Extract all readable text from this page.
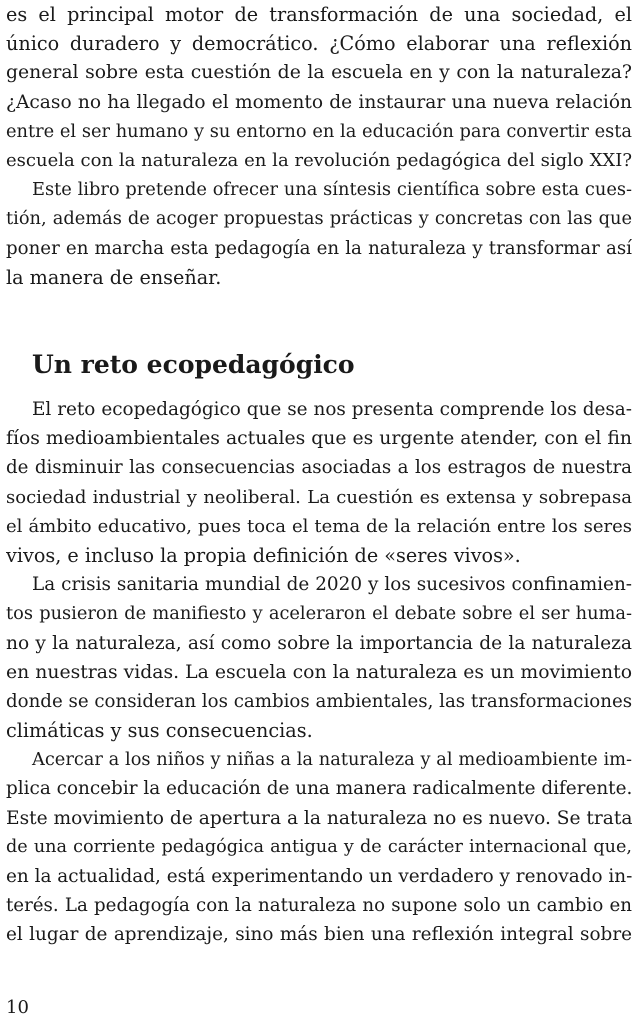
es el principal motor de transformación de una sociedad, el
único duradero y democrático. ¿Cómo elaborar una reflexión
general sobre esta cuestión de la escuela en y con la naturaleza?
¿Acaso no ha llegado el momento de instaurar una nueva relación
entre el ser humano y su entorno en la educación para convertir esta
escuela con la naturaleza en la revolución pedagógica del siglo XXI?
Este libro pretende ofrecer una síntesis científica sobre esta cues-
tión, además de acoger propuestas prácticas y concretas con las que
poner en marcha esta pedagogía en la naturaleza y transformar así
la manera de enseñar.
Un reto ecopedagógico
El reto ecopedagógico que se nos presenta comprende los desa-
fíos medioambientales actuales que es urgente atender, con el fin
de disminuir las consecuencias asociadas a los estragos de nuestra
sociedad industrial y neoliberal. La cuestión es extensa y sobrepasa
el ámbito educativo, pues toca el tema de la relación entre los seres
vivos, e incluso la propia definición de «seres vivos».
La crisis sanitaria mundial de 2020 y los sucesivos confinamien-
tos pusieron de manifiesto y aceleraron el debate sobre el ser huma-
no y la naturaleza, así como sobre la importancia de la naturaleza
en nuestras vidas. La escuela con la naturaleza es un movimiento
donde se consideran los cambios ambientales, las transformaciones
climáticas y sus consecuencias.
Acercar a los niños y niñas a la naturaleza y al medioambiente im-
plica concebir la educación de una manera radicalmente diferente.
Este movimiento de apertura a la naturaleza no es nuevo. Se trata
de una corriente pedagógica antigua y de carácter internacional que,
en la actualidad, está experimentando un verdadero y renovado in-
terés. La pedagogía con la naturaleza no supone solo un cambio en
el lugar de aprendizaje, sino más bien una reflexión integral sobre
10
